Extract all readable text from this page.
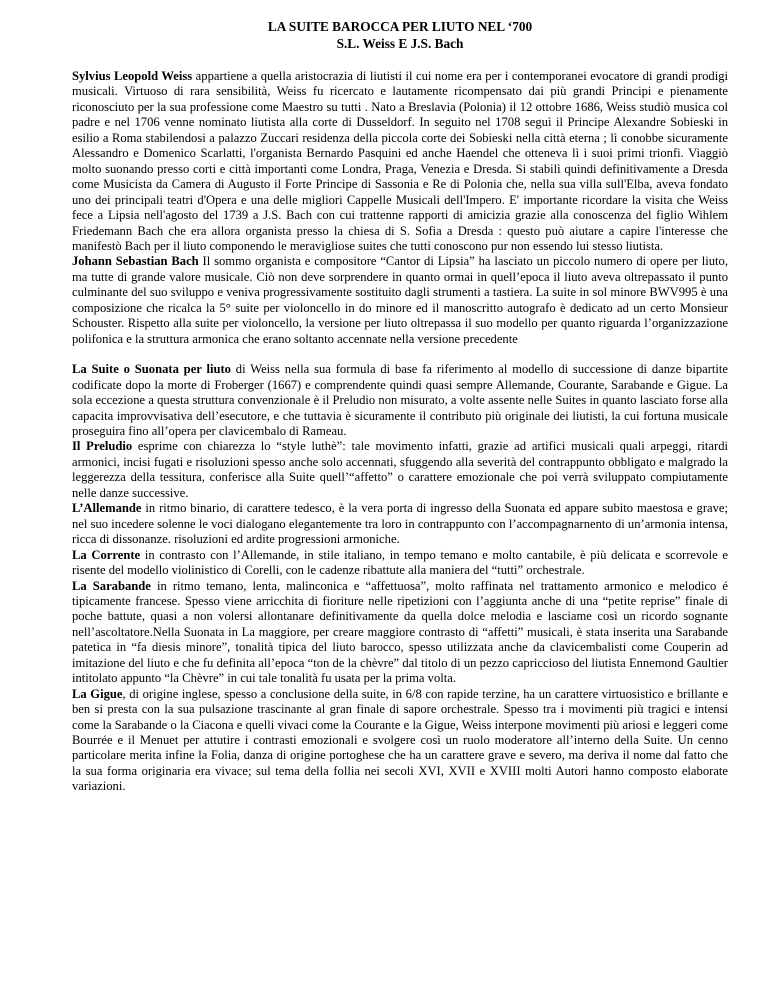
LA SUITE BAROCCA PER LIUTO NEL ‘700

S.L. Weiss E J.S. Bach

Sylvius Leopold Weiss appartiene a quella aristocrazia di liutisti il cui nome era per i contemporanei evocatore di grandi prodigi musicali. Virtuoso di rara sensibilità, Weiss fu ricercato e lautamente ricompensato dai più grandi Principi e pienamente riconosciuto per la sua professione come Maestro su tutti . Nato a Breslavia (Polonia) il 12 ottobre 1686, Weiss studiò musica col padre e nel 1706 venne nominato liutista alla corte di Dusseldorf. In seguito nel 1708 seguì il Principe Alexandre Sobieski in esilio a Roma stabilendosi a palazzo Zuccari residenza della piccola corte dei Sobieski nella città eterna ; lì conobbe sicuramente Alessandro e Domenico Scarlatti, l'organista Bernardo Pasquini ed anche Haendel che otteneva lì i suoi primi trionfi. Viaggiò molto suonando presso corti e città importanti come Londra, Praga, Venezia e Dresda. Si stabilì quindi definitivamente a Dresda come Musicista da Camera di Augusto il Forte Principe di Sassonia e Re di Polonia che, nella sua villa sull'Elba, aveva fondato uno dei principali teatri d'Opera e una delle migliori Cappelle Musicali dell'Impero. E' importante ricordare la visita che Weiss fece a Lipsia nell'agosto del 1739 a J.S. Bach con cui trattenne rapporti di amicizia grazie alla conoscenza del figlio Wihlem Friedemann Bach che era allora organista presso la chiesa di S. Sofia a Dresda : questo può aiutare a capire l'interesse che manifestò Bach per il liuto componendo le meravigliose suites che tutti conoscono pur non essendo lui stesso liutista.

Johann Sebastian Bach Il sommo organista e compositore “Cantor di Lipsia” ha lasciato un piccolo numero di opere per liuto, ma tutte di grande valore musicale. Ciò non deve sorprendere in quanto ormai in quell’epoca il liuto aveva oltrepassato il punto culminante del suo sviluppo e veniva progressivamente sostituito dagli strumenti a tastiera. La suite in sol minore BWV995 è una composizione che ricalca la 5° suite per violoncello in do minore ed il manoscritto autografo è dedicato ad un certo Monsieur Schouster. Rispetto alla suite per violoncello, la versione per liuto oltrepassa il suo modello per quanto riguarda l’organizzazione polifonica e la struttura armonica che erano soltanto accennate nella versione precedente

La Suite o Suonata per liuto di Weiss nella sua formula di base fa riferimento al modello di successione di danze bipartite codificate dopo la morte di Froberger (1667) e comprendente quindi quasi sempre Allemande, Courante, Sarabande e Gigue. La sola eccezione a questa struttura convenzionale è il Preludio non misurato, a volte assente nelle Suites in quanto lasciato forse alla capacita improvvisativa dell’esecutore, e che tuttavia è sicuramente il contributo più originale dei liutisti, la cui fortuna musicale proseguira fino all’opera per clavicembalo di Rameau.

Il Preludio esprime con chiarezza lo “style luthè”: tale movimento infatti, grazie ad artifici musicali quali arpeggi, ritardi armonici, incisi fugati e risoluzioni spesso anche solo accennati, sfuggendo alla severità del contrappunto obbligato e malgrado la leggerezza della tessitura, conferisce alla Suite quell’“affetto” o carattere emozionale che poi verrà sviluppato compiutamente nelle danze successive.

L’Allemande in ritmo binario, di carattere tedesco, è la vera porta di ingresso della Suonata ed appare subito maestosa e grave; nel suo incedere solenne le voci dialogano elegantemente tra loro in contrappunto con l’accompagnarnento di un’armonia intensa, ricca di dissonanze. risoluzioni ed ardite progressioni armoniche.

La Corrente in contrasto con l’Allemande, in stile italiano, in tempo temano e molto cantabile, è più delicata e scorrevole e risente del modello violinistico di Corelli, con le cadenze ribattute alla maniera del “tutti” orchestrale.

La Sarabande in ritmo temano, lenta, malinconica e “affettuosa”, molto raffinata nel trattamento armonico e melodico é tipicamente francese. Spesso viene arricchita di fioriture nelle ripetizioni con l’aggiunta anche di una “petite reprise” finale di poche battute, quasi a non volersi allontanare definitivamente da quella dolce melodia e lasciame così un ricordo sognante nell’ascoltatore.Nella Suonata in La maggiore, per creare maggiore contrasto di “affetti” musicali, è stata inserita una Sarabande patetica in “fa diesis minore”, tonalità tipica del liuto barocco, spesso utilizzata anche da clavicembalisti come Couperin ad imitazione del liuto e che fu definita all’epoca “ton de la chèvre” dal titolo di un pezzo capriccioso del liutista Ennemond Gaultier intitolato appunto “la Chèvre” in cui tale tonalità fu usata per la prima volta.

La Gigue, di origine inglese, spesso a conclusione della suite, in 6/8 con rapide terzine, ha un carattere virtuosistico e brillante e ben si presta con la sua pulsazione trascinante al gran finale di sapore orchestrale. Spesso tra i movimenti più tragici e intensi come la Sarabande o la Ciacona e quelli vivaci come la Courante e la Gigue, Weiss interpone movimenti più ariosi e leggeri come Bourrée e il Menuet per attutire i contrasti emozionali e svolgere così un ruolo moderatore all’interno della Suite. Un cenno particolare merita infine la Folia, danza di origine portoghese che ha un carattere grave e severo, ma deriva il nome dal fatto che la sua forma originaria era vivace; sul tema della follia nei secoli XVI, XVII e XVIII molti Autori hanno composto elaborate variazioni.
